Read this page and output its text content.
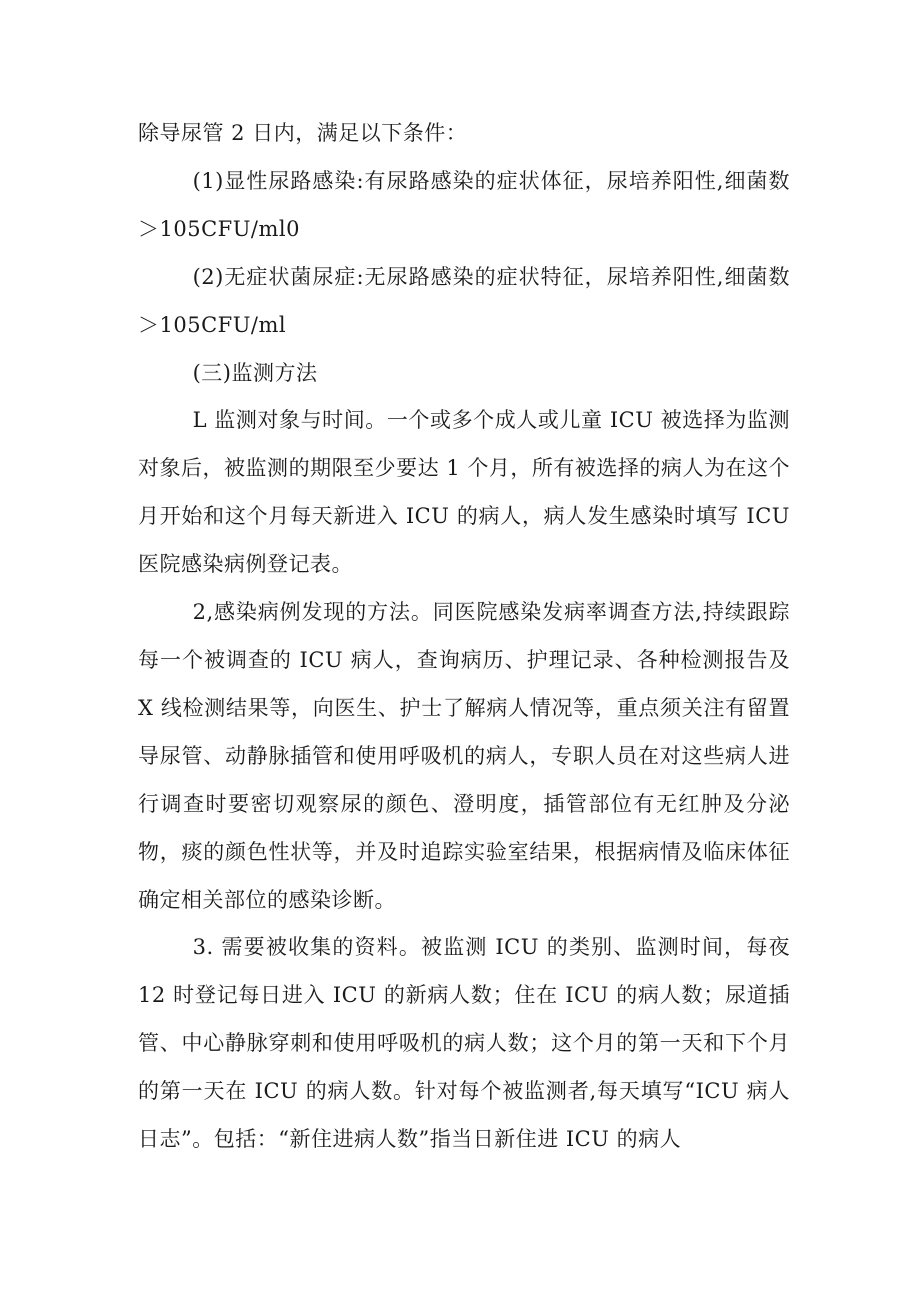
除导尿管 2 日内，满足以下条件：

(1)显性尿路感染:有尿路感染的症状体征，尿培养阳性,细菌数＞105CFU/ml0

(2)无症状菌尿症:无尿路感染的症状特征，尿培养阳性,细菌数＞105CFU/ml

(三)监测方法

L 监测对象与时间。一个或多个成人或儿童 ICU 被选择为监测对象后，被监测的期限至少要达 1 个月，所有被选择的病人为在这个月开始和这个月每天新进入 ICU 的病人，病人发生感染时填写 ICU 医院感染病例登记表。

2,感染病例发现的方法。同医院感染发病率调查方法,持续跟踪每一个被调查的 ICU 病人，查询病历、护理记录、各种检测报告及 X 线检测结果等，向医生、护士了解病人情况等，重点须关注有留置导尿管、动静脉插管和使用呼吸机的病人，专职人员在对这些病人进行调查时要密切观察尿的颜色、澄明度，插管部位有无红肿及分泌物，痰的颜色性状等，并及时追踪实验室结果，根据病情及临床体征确定相关部位的感染诊断。

3. 需要被收集的资料。被监测 ICU 的类别、监测时间，每夜 12 时登记每日进入 ICU 的新病人数；住在 ICU 的病人数；尿道插管、中心静脉穿刺和使用呼吸机的病人数；这个月的第一天和下个月的第一天在 ICU 的病人数。针对每个被监测者,每天填写“ICU 病人日志”。包括：“新住进病人数”指当日新住进 ICU 的病人
